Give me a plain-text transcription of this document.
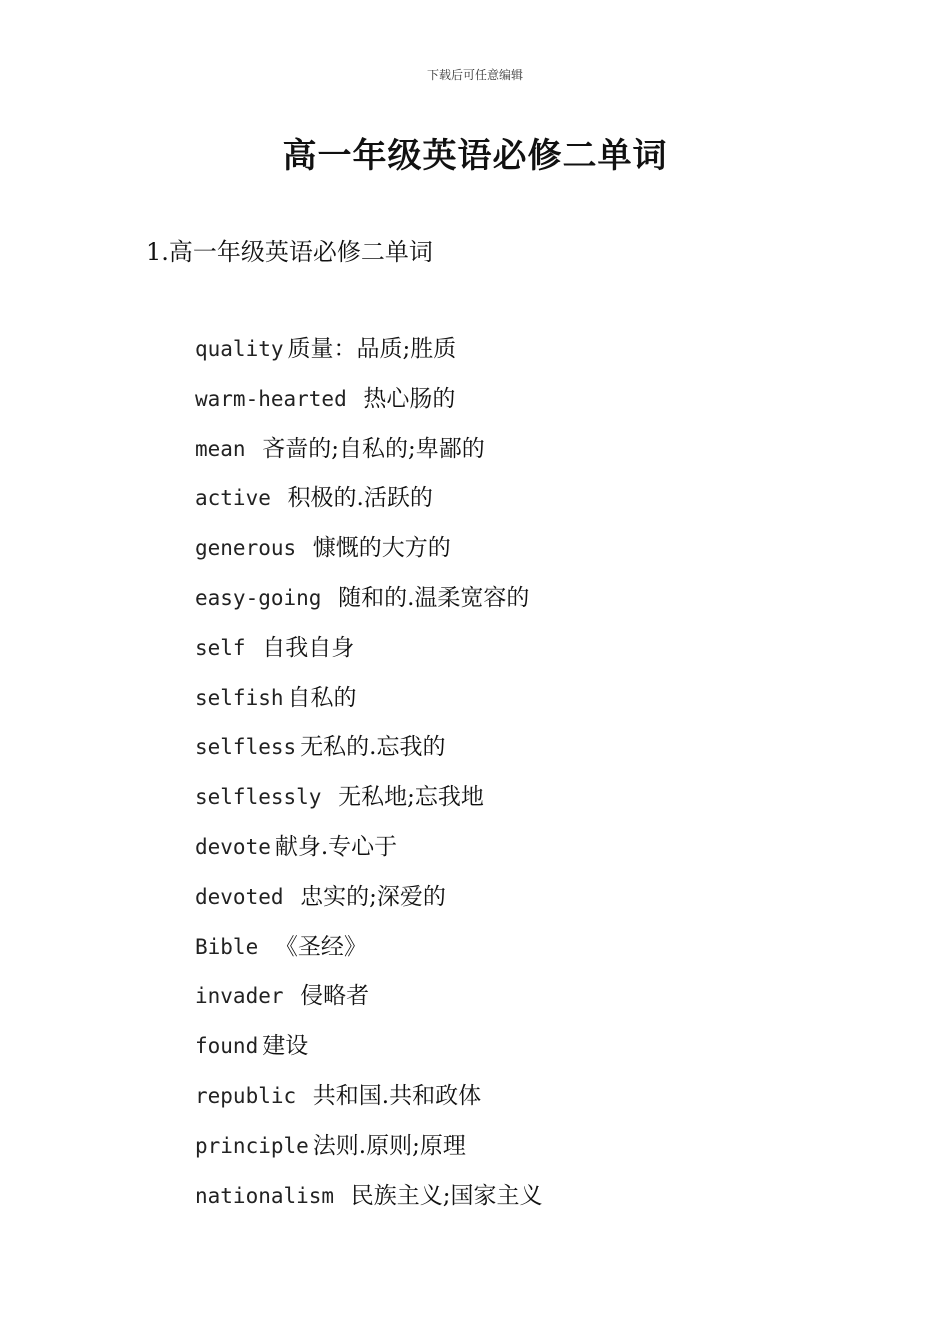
下载后可任意编辑
高一年级英语必修二单词
1.高一年级英语必修二单词
quality 质量：品质;胜质
warm-hearted 热心肠的
mean 吝啬的;自私的;卑鄙的
active 积极的.活跃的
generous 慷慨的大方的
easy-going 随和的.温柔宽容的
self 自我自身
selfish 自私的
selfless 无私的.忘我的
selflessly 无私地;忘我地
devote 献身.专心于
devoted 忠实的;深爱的
Bible 《圣经》
invader 侵略者
found 建设
republic 共和国.共和政体
principle 法则.原则;原理
nationalism 民族主义;国家主义
